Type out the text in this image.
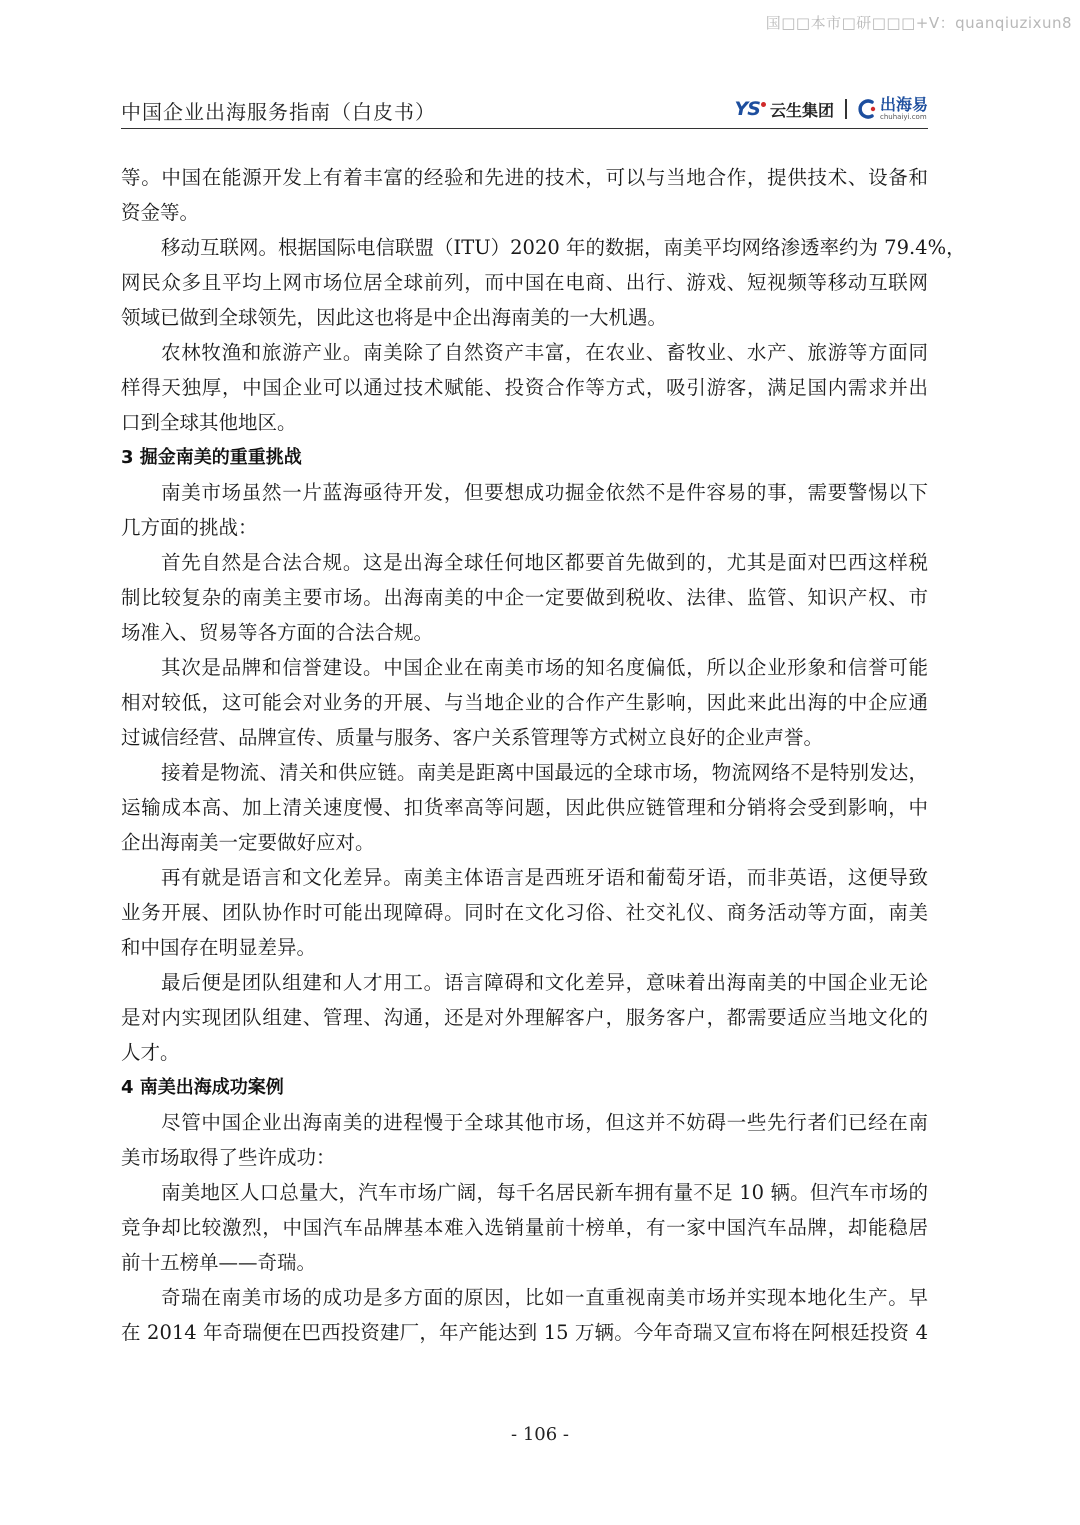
国□□本市□研□□□+V：quanqiuzixun8
中国企业出海服务指南（白皮书）	YS 云生集团	出海易
chuhaiyi.com
等。中国在能源开发上有着丰富的经验和先进的技术，可以与当地合作，提供技术、设备和
资金等。
移动互联网。根据国际电信联盟（ITU）2020 年的数据，南美平均网络渗透率约为 79.4%，
网民众多且平均上网市场位居全球前列，而中国在电商、出行、游戏、短视频等移动互联网
领域已做到全球领先，因此这也将是中企出海南美的一大机遇。
农林牧渔和旅游产业。南美除了自然资产丰富，在农业、畜牧业、水产、旅游等方面同
样得天独厚，中国企业可以通过技术赋能、投资合作等方式，吸引游客，满足国内需求并出
口到全球其他地区。
3 掘金南美的重重挑战
南美市场虽然一片蓝海亟待开发，但要想成功掘金依然不是件容易的事，需要警惕以下
几方面的挑战：
首先自然是合法合规。这是出海全球任何地区都要首先做到的，尤其是面对巴西这样税
制比较复杂的南美主要市场。出海南美的中企一定要做到税收、法律、监管、知识产权、市
场准入、贸易等各方面的合法合规。
其次是品牌和信誉建设。中国企业在南美市场的知名度偏低，所以企业形象和信誉可能
相对较低，这可能会对业务的开展、与当地企业的合作产生影响，因此来此出海的中企应通
过诚信经营、品牌宣传、质量与服务、客户关系管理等方式树立良好的企业声誉。
接着是物流、清关和供应链。南美是距离中国最远的全球市场，物流网络不是特别发达，
运输成本高、加上清关速度慢、扣货率高等问题，因此供应链管理和分销将会受到影响，中
企出海南美一定要做好应对。
再有就是语言和文化差异。南美主体语言是西班牙语和葡萄牙语，而非英语，这便导致
业务开展、团队协作时可能出现障碍。同时在文化习俗、社交礼仪、商务活动等方面，南美
和中国存在明显差异。
最后便是团队组建和人才用工。语言障碍和文化差异，意味着出海南美的中国企业无论
是对内实现团队组建、管理、沟通，还是对外理解客户，服务客户，都需要适应当地文化的
人才。
4 南美出海成功案例
尽管中国企业出海南美的进程慢于全球其他市场，但这并不妨碍一些先行者们已经在南
美市场取得了些许成功：
南美地区人口总量大，汽车市场广阔，每千名居民新车拥有量不足 10 辆。但汽车市场的
竞争却比较激烈，中国汽车品牌基本难入选销量前十榜单，有一家中国汽车品牌，却能稳居
前十五榜单——奇瑞。
奇瑞在南美市场的成功是多方面的原因，比如一直重视南美市场并实现本地化生产。早
在 2014 年奇瑞便在巴西投资建厂，年产能达到 15 万辆。今年奇瑞又宣布将在阿根廷投资 4
- 106 -
